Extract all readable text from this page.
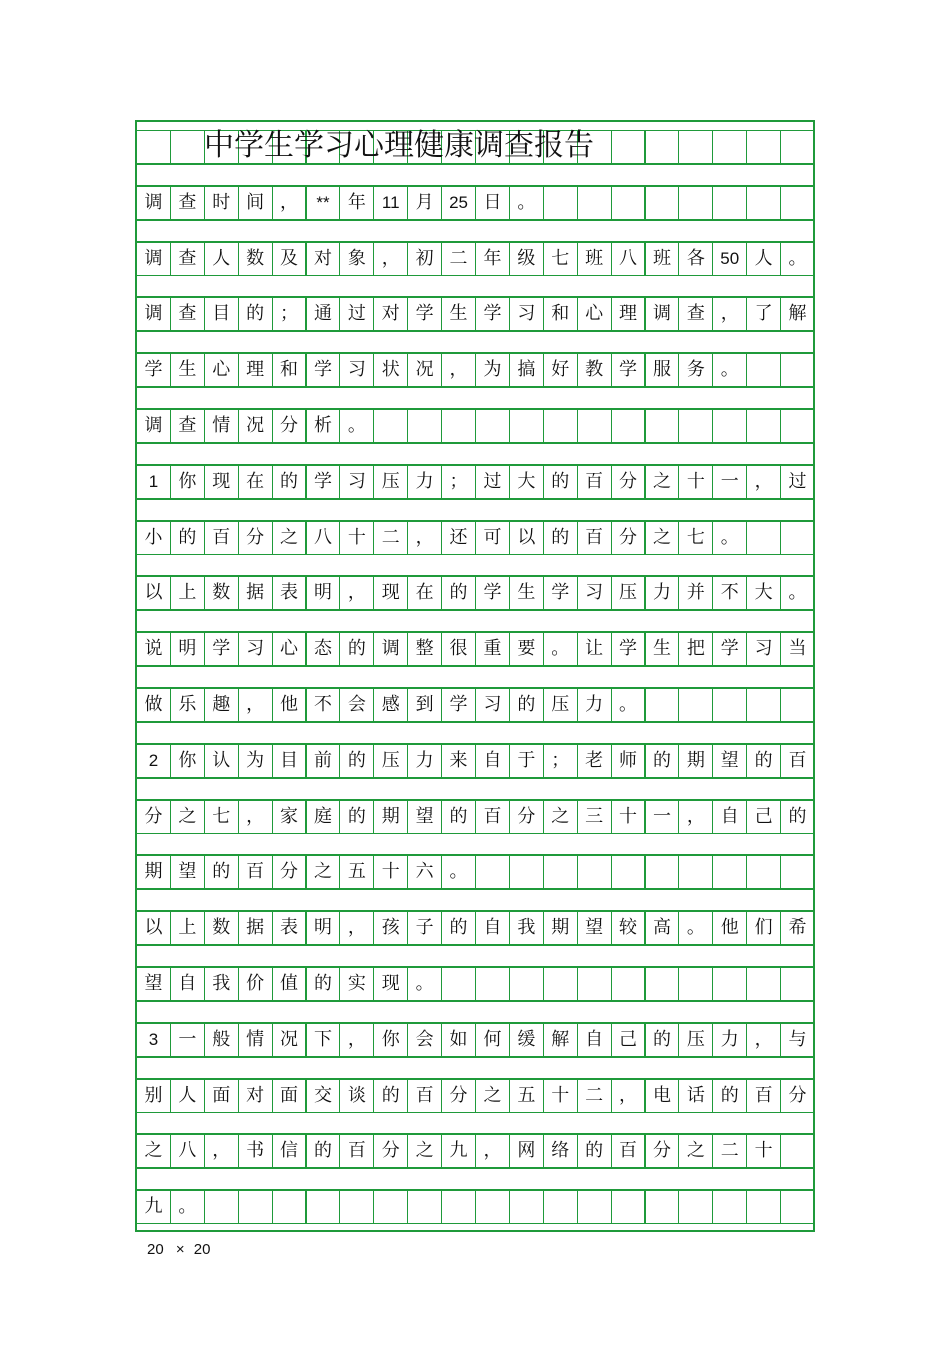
调 查 时 间 ，	**	年 11 月 25 日 。
调 查 人 数 及 对 象 ， 初 二 年 级 七 班 八 班 各 50 人 。
调 查 目 的 ； 通 过 对 学 生 学 习 和 心 理 调 查 ， 了 解
学 生 心 理 和 学 习 状 况 ， 为 搞 好 教 学 服 务 。
调 查 情 况 分 析 。
1	你 现 在 的 学 习 压 力 ； 过 大 的 百 分 之 十 一 ， 过
小 的 百 分 之 八 十 二 ， 还 可 以 的 百 分 之 七 。
以 上 数 据 表 明 ， 现 在 的 学 生 学 习 压 力 并 不 大 。
说 明 学 习 心 态 的 调 整 很 重 要 。 让 学 生 把 学 习 当
做 乐 趣 ， 他 不 会 感 到 学 习 的 压 力 。
2	你 认 为 目 前 的 压 力 来 自 于 ； 老 师 的 期 望 的 百
分 之 七 ， 家 庭 的 期 望 的 百 分 之 三 十 一 ， 自 己 的
期 望 的 百 分 之 五 十 六 。
以 上 数 据 表 明 ， 孩 子 的 自 我 期 望 较 高 。 他 们 希
望 自 我 价 值 的 实 现 。
3	一 般 情 况 下 ， 你 会 如 何 缓 解 自 己 的 压 力 ， 与
别 人 面 对 面 交 谈 的 百 分 之 五 十 二 ， 电 话 的 百 分
之 八 ， 书 信 的 百 分 之 九 ， 网 络 的 百 分 之 二 十
九 。
中学生学习心理健康调查报告
20 × 20
